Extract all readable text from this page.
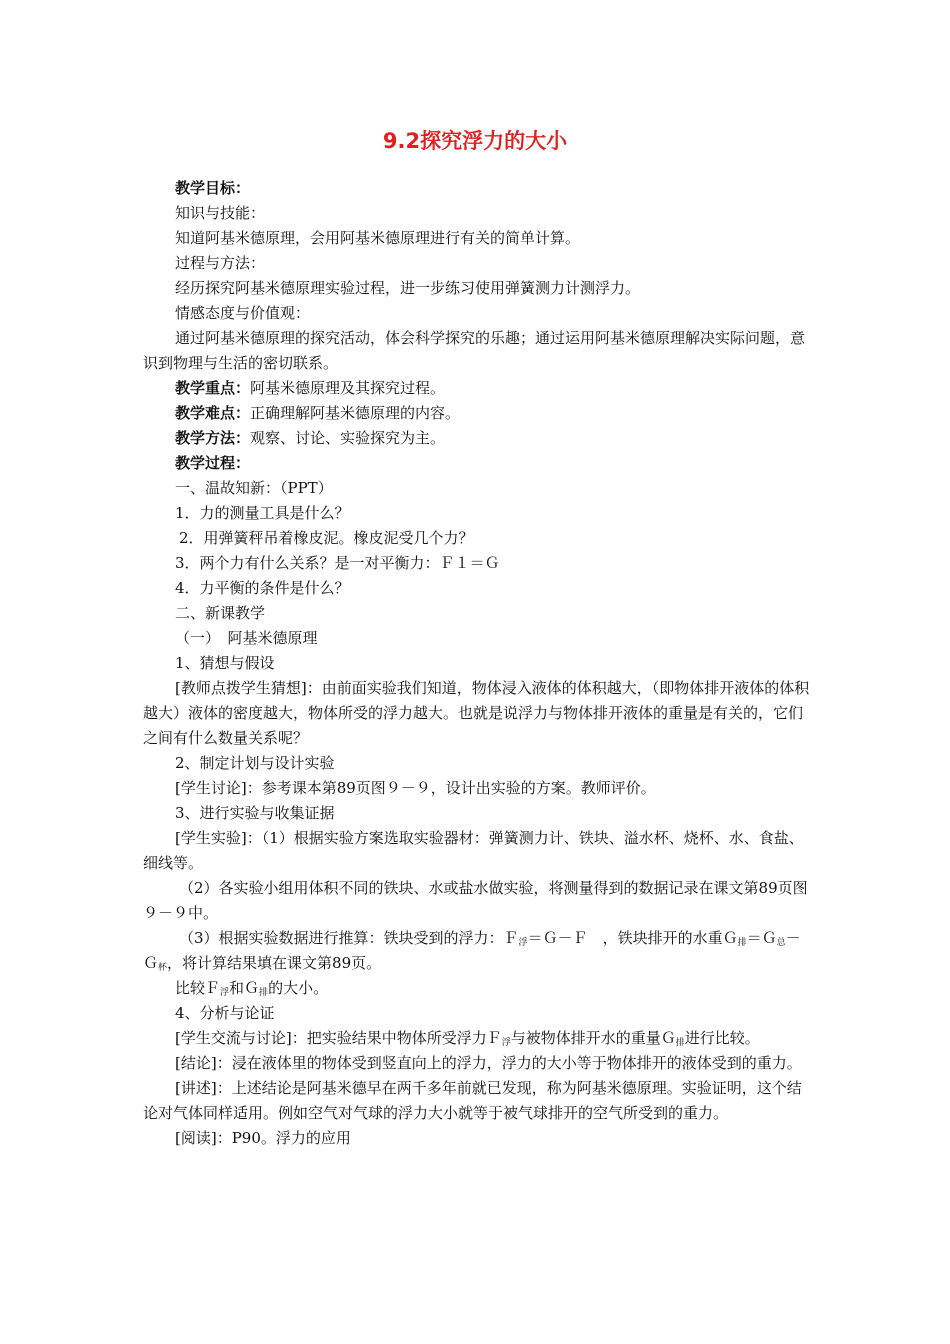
9.2探究浮力的大小

教学目标：

知识与技能：

知道阿基米德原理，会用阿基米德原理进行有关的简单计算。

过程与方法：

经历探究阿基米德原理实验过程，进一步练习使用弹簧测力计测浮力。

情感态度与价值观：

通过阿基米德原理的探究活动，体会科学探究的乐趣；通过运用阿基米德原理解决实际问题，意识到物理与生活的密切联系。

教学重点：阿基米德原理及其探究过程。

教学难点：正确理解阿基米德原理的内容。

教学方法：观察、讨论、实验探究为主。

教学过程：

一、温故知新：（PPT）

1．力的测量工具是什么？

2．用弹簧秤吊着橡皮泥。橡皮泥受几个力？

3．两个力有什么关系？是一对平衡力：Ｆ１＝Ｇ

4．力平衡的条件是什么？

二、新课教学

（一）　阿基米德原理

1、猜想与假设

[教师点拨学生猜想]：由前面实验我们知道，物体浸入液体的体积越大，（即物体排开液体的体积越大）液体的密度越大，物体所受的浮力越大。也就是说浮力与物体排开液体的重量是有关的，它们之间有什么数量关系呢？

2、制定计划与设计实验

[学生讨论]：参考课本第89页图９－９，设计出实验的方案。教师评价。

3、进行实验与收集证据

[学生实验]：（1）根据实验方案选取实验器材：弹簧测力计、铁块、溢水杯、烧杯、水、食盐、细线等。

（2）各实验小组用体积不同的铁块、水或盐水做实验，将测量得到的数据记录在课文第89页图９－９中。

（3）根据实验数据进行推算：铁块受到的浮力：Ｆ$_浮$＝Ｇ－Ｆ　，铁块排开的水重Ｇ$_排$＝Ｇ$_总$－Ｇ$_杯$，将计算结果填在课文第89页。

比较Ｆ$_浮$和Ｇ$_排$的大小。

4、分析与论证

[学生交流与讨论]：把实验结果中物体所受浮力Ｆ$_浮$与被物体排开水的重量Ｇ$_排$进行比较。

[结论]：浸在液体里的物体受到竖直向上的浮力，浮力的大小等于物体排开的液体受到的重力。

[讲述]：上述结论是阿基米德早在两千多年前就已发现，称为阿基米德原理。实验证明，这个结论对气体同样适用。例如空气对气球的浮力大小就等于被气球排开的空气所受到的重力。

[阅读]：P90。浮力的应用
